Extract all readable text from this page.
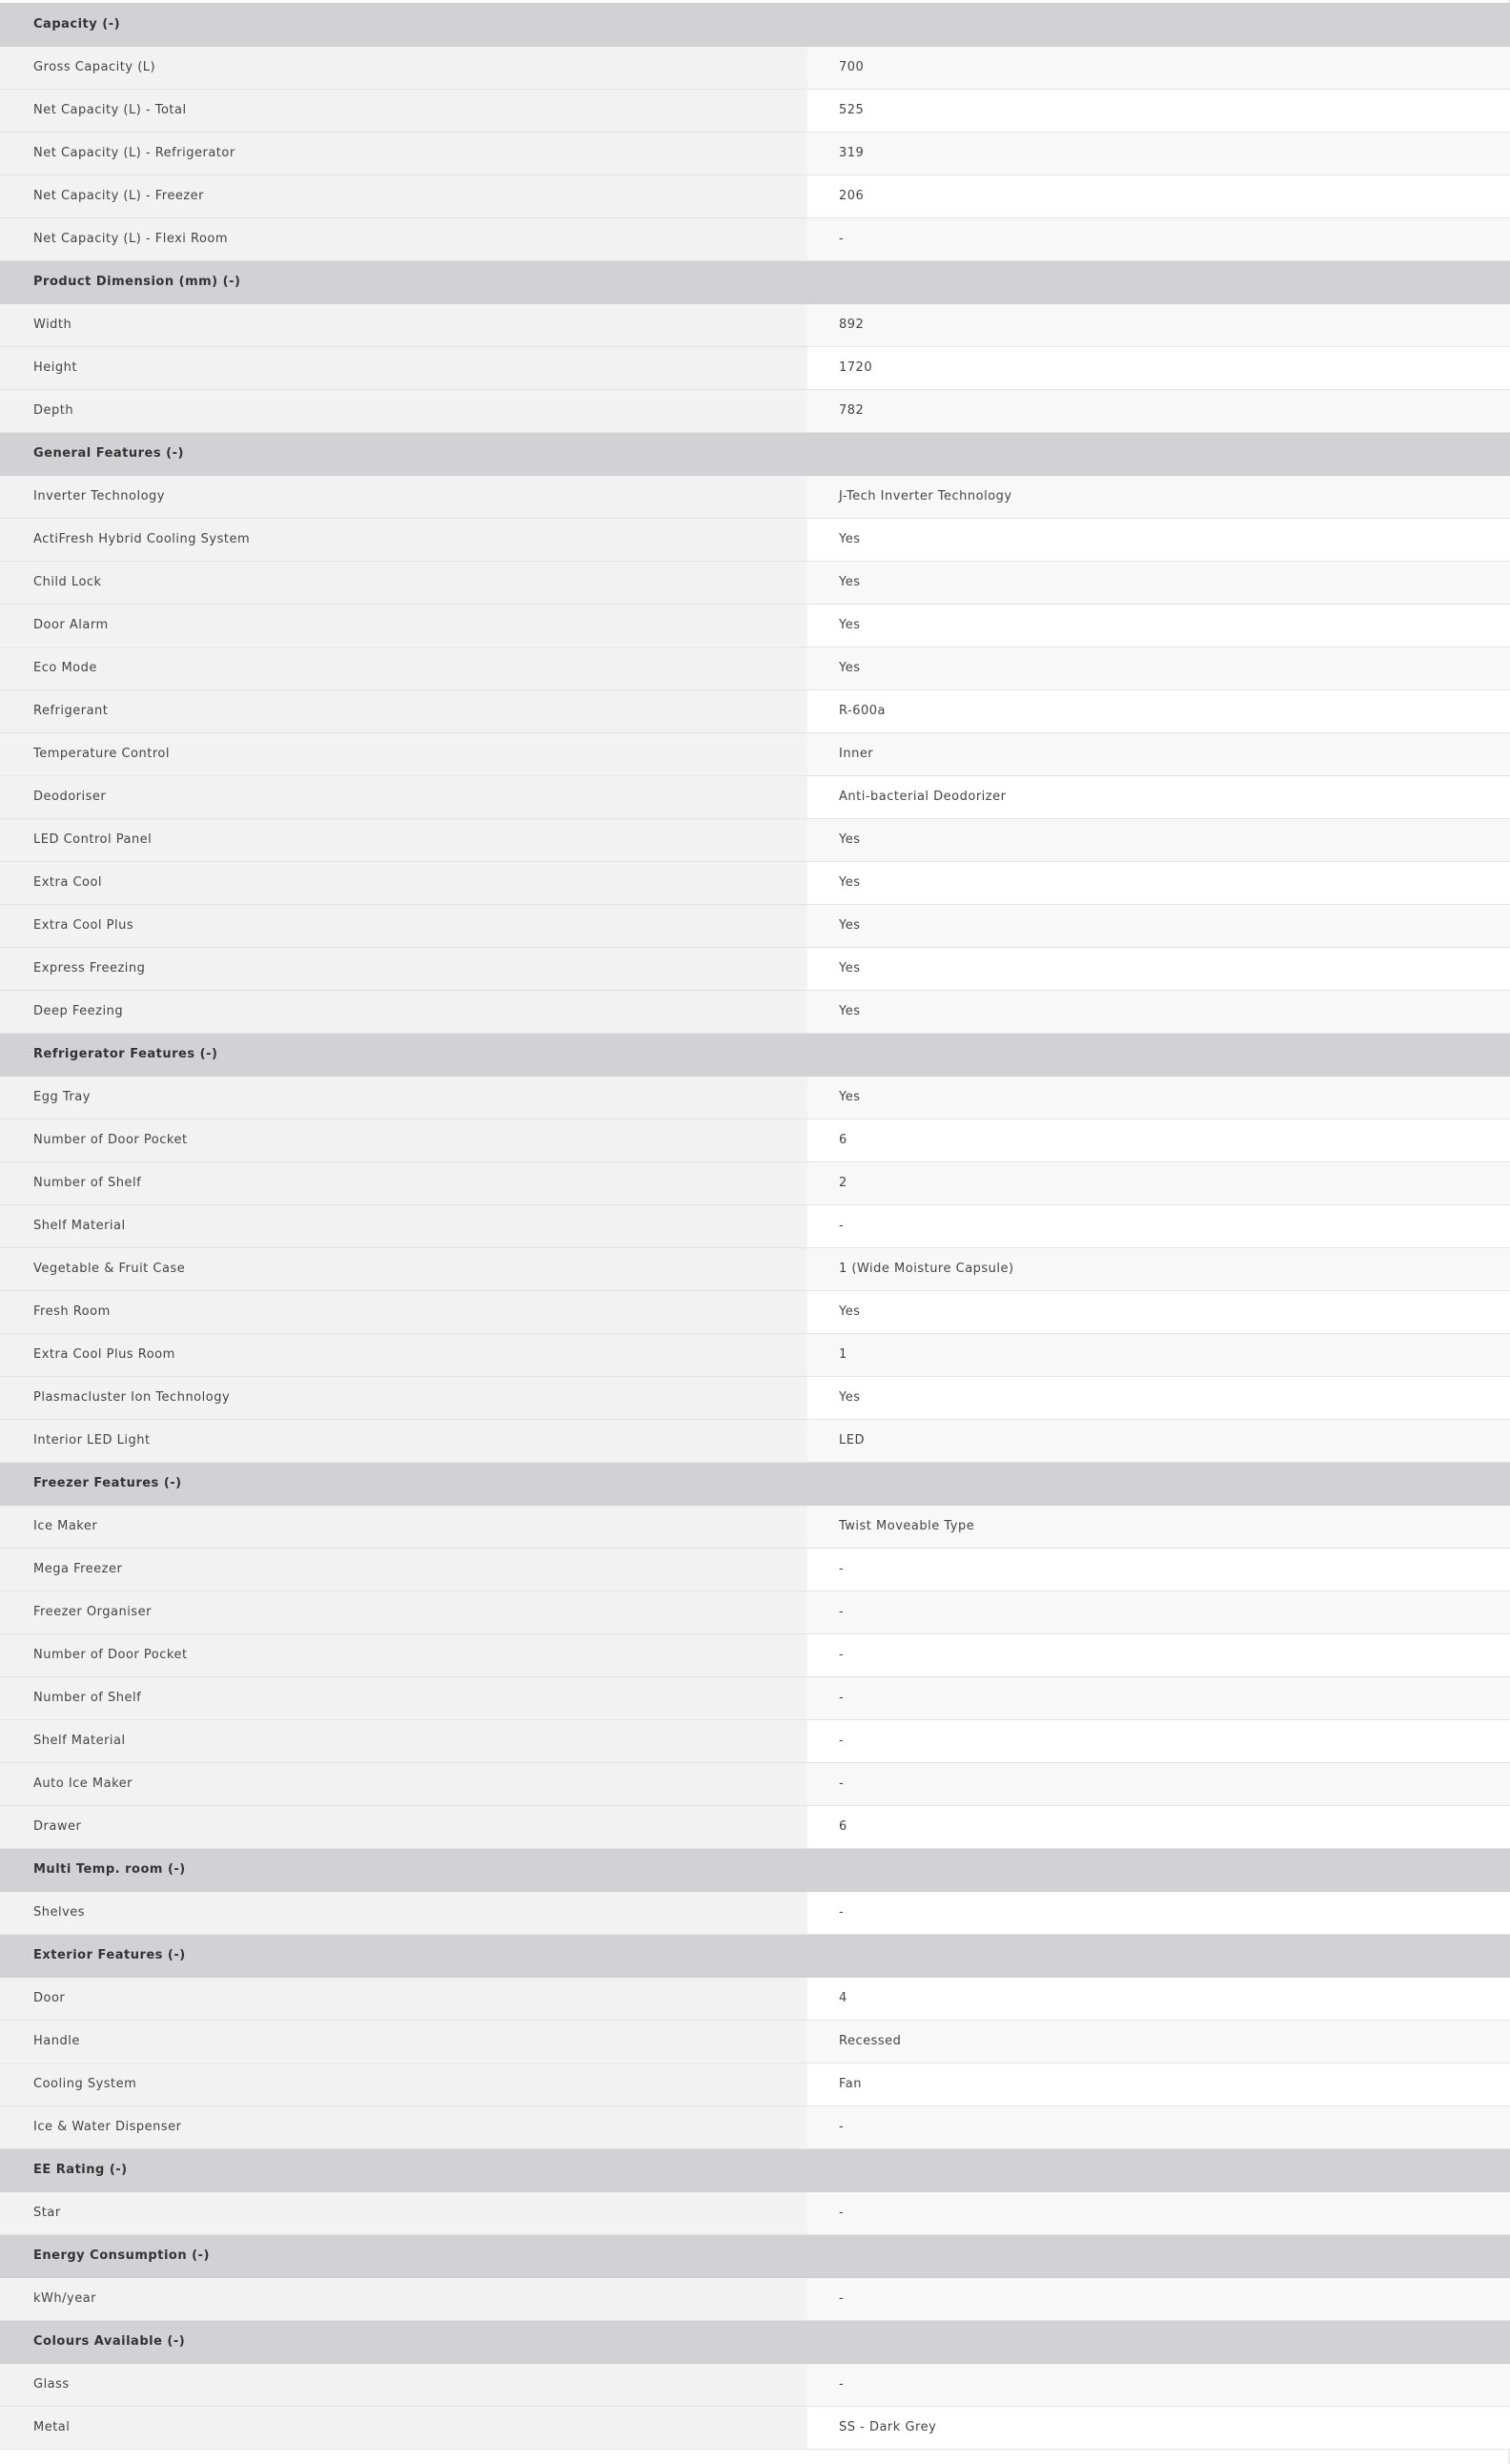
Capacity (-)	
Gross Capacity (L)	700
Net Capacity (L) - Total	525
Net Capacity (L) - Refrigerator	319
Net Capacity (L) - Freezer	206
Net Capacity (L) - Flexi Room	-
Product Dimension (mm) (-)	
Width	892
Height	1720
Depth	782
General Features (-)	
Inverter Technology	J-Tech Inverter Technology
ActiFresh Hybrid Cooling System	Yes
Child Lock	Yes
Door Alarm	Yes
Eco Mode	Yes
Refrigerant	R-600a
Temperature Control	Inner
Deodoriser	Anti-bacterial Deodorizer
LED Control Panel	Yes
Extra Cool	Yes
Extra Cool Plus	Yes
Express Freezing	Yes
Deep Feezing	Yes
Refrigerator Features (-)	
Egg Tray	Yes
Number of Door Pocket	6
Number of Shelf	2
Shelf Material	-
Vegetable & Fruit Case	1 (Wide Moisture Capsule)
Fresh Room	Yes
Extra Cool Plus Room	1
Plasmacluster Ion Technology	Yes
Interior LED Light	LED
Freezer Features (-)	
Ice Maker	Twist Moveable Type
Mega Freezer	-
Freezer Organiser	-
Number of Door Pocket	-
Number of Shelf	-
Shelf Material	-
Auto Ice Maker	-
Drawer	6
Multi Temp. room (-)	
Shelves	-
Exterior Features (-)	
Door	4
Handle	Recessed
Cooling System	Fan
Ice & Water Dispenser	-
EE Rating (-)	
Star	-
Energy Consumption (-)	
kWh/year	-
Colours Available (-)	
Glass	-
Metal	SS - Dark Grey
